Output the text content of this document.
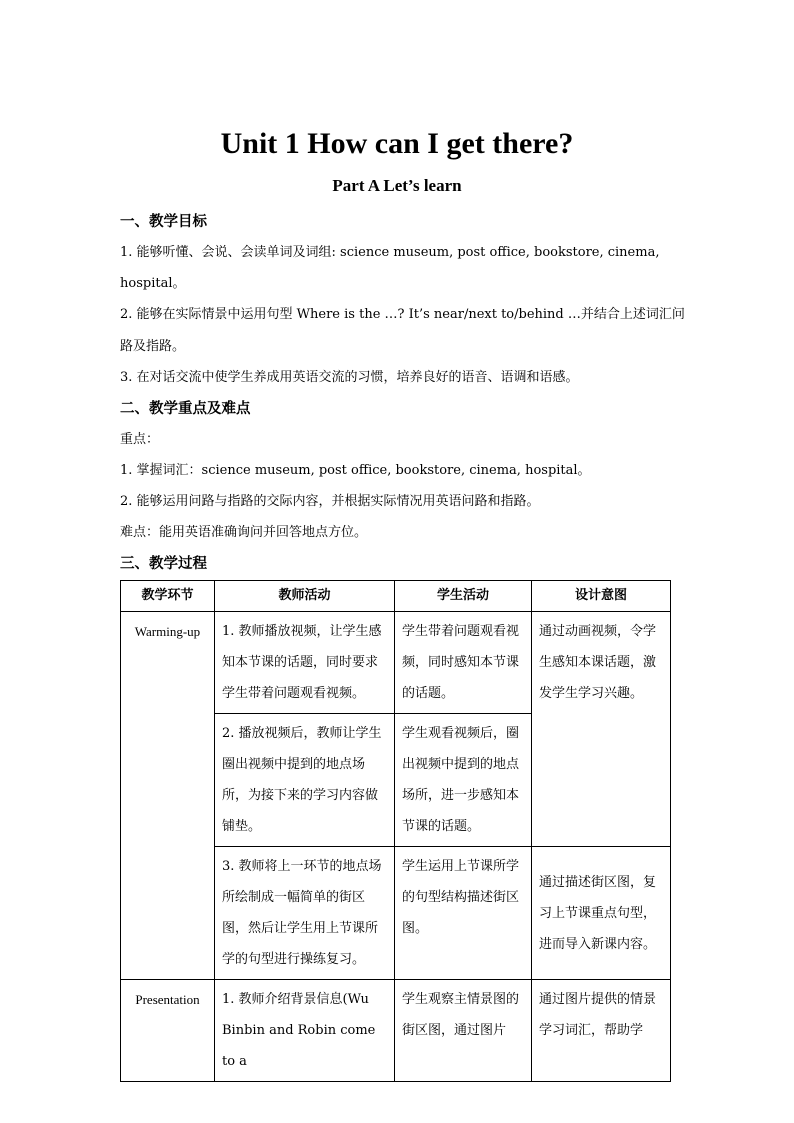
Unit 1 How can I get there?
Part A Let’s learn
一、教学目标
1. 能够听懂、会说、会读单词及词组: science museum, post office, bookstore, cinema,
hospital。
2. 能够在实际情景中运用句型 Where is the …? It’s near/next to/behind …并结合上述词汇问
路及指路。
3. 在对话交流中使学生养成用英语交流的习惯，培养良好的语音、语调和语感。
二、教学重点及难点
重点：
1. 掌握词汇：science museum, post office, bookstore, cinema, hospital。
2. 能够运用问路与指路的交际内容，并根据实际情况用英语问路和指路。
难点：能用英语准确询问并回答地点方位。
三、教学过程
教学环节	教师活动	学生活动	设计意图
Warming-up	1. 教师播放视频，让学生感知本节课的话题，同时要求学生带着问题观看视频。	学生带着问题观看视频，同时感知本节课的话题。	通过动画视频，令学生感知本课话题，激发学生学习兴趣。
	2. 播放视频后，教师让学生圈出视频中提到的地点场所，为接下来的学习内容做铺垫。	学生观看视频后，圈出视频中提到的地点场所，进一步感知本节课的话题。	
	3. 教师将上一环节的地点场所绘制成一幅简单的街区图，然后让学生用上节课所学的句型进行操练复习。	学生运用上节课所学的句型结构描述街区图。	通过描述街区图，复习上节课重点句型，进而导入新课内容。
Presentation	1. 教师介绍背景信息(Wu Binbin and Robin come to a	学生观察主情景图的街区图，通过图片	通过图片提供的情景学习词汇，帮助学
